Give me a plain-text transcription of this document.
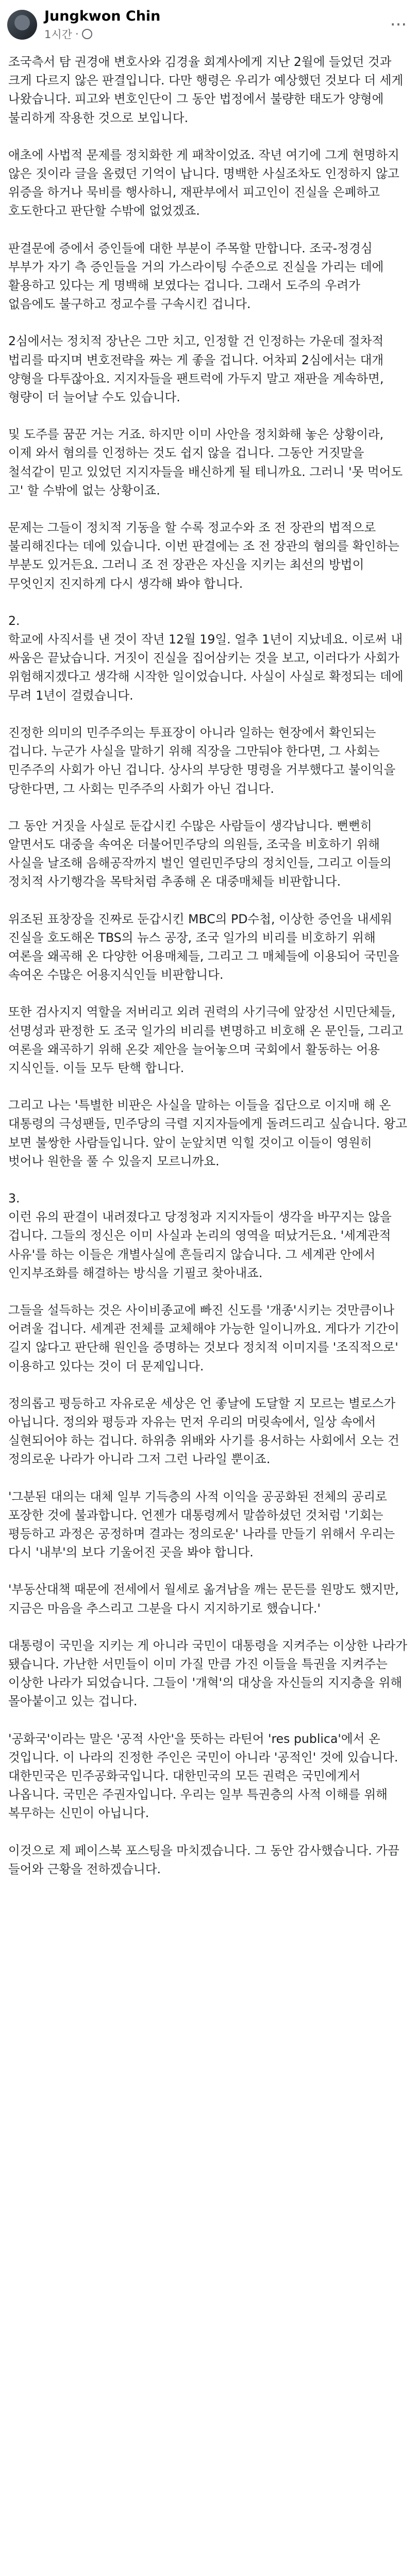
Jungkwon Chin
1시간 ·	···

조국측서 탐 권경애 변호사와 김경율 회계사에게 지난 2월에 들었던 것과 크게 다르지 않은 판결입니다. 다만 행령은 우리가 예상했던 것보다 더 세게 나왔습니다. 피고와 변호인단이 그 동안 법정에서 불량한 태도가 양형에 불리하게 작용한 것으로 보입니다.

애초에 사법적 문제를 정치화한 게 패착이었죠. 작년 여기에 그게 현명하지 않은 짓이라 글을 올렸던 기억이 납니다. 명백한 사실조차도 인정하지 않고 위증을 하거나 묵비를 행사하니, 재판부에서 피고인이 진실을 은폐하고 호도한다고 판단할 수밖에 없었겠죠.

판결문에 증에서 증인들에 대한 부분이 주목할 만합니다. 조국-정경심 부부가 자기 측 증인들을 거의 가스라이팅 수준으로 진실을 가리는 데에 활용하고 있다는 게 명백해 보였다는 겁니다. 그래서 도주의 우려가 없음에도 불구하고 정교수를 구속시킨 겁니다.

2심에서는 정치적 장난은 그만 치고, 인정할 건 인정하는 가운데 절차적 법리를 따지며 변호전략을 짜는 게 좋을 겁니다. 어차피 2심에서는 대개 양형을 다투잖아요. 지지자들을 팬트럭에 가두지 말고 재판을 계속하면, 형량이 더 늘어날 수도 있습니다.

및 도주를 꿈꾼 거는 거죠. 하지만 이미 사안을 정치화해 놓은 상황이라, 이제 와서 혐의를 인정하는 것도 쉽지 않을 겁니다. 그동안 거짓말을 철석같이 믿고 있었던 지지자들을 배신하게 될 테니까요. 그러니 '못 먹어도 고' 할 수밖에 없는 상황이죠.

문제는 그들이 정치적 기동을 할 수록 정교수와 조 전 장관의 법적으로 불리해진다는 데에 있습니다. 이번 판결에는 조 전 장관의 혐의를 확인하는 부분도 있거든요. 그러니 조 전 장관은 자신을 지키는 최선의 방법이 무엇인지 진지하게 다시 생각해 봐야 합니다.

2.
학교에 사직서를 낸 것이 작년 12월 19일. 얼추 1년이 지났네요. 이로써 내 싸움은 끝났습니다. 거짓이 진실을 집어삼키는 것을 보고, 이러다가 사회가 위험해지겠다고 생각해 시작한 일이었습니다. 사실이 사실로 확정되는 데에 무려 1년이 걸렸습니다.

진정한 의미의 민주주의는 투표장이 아니라 일하는 현장에서 확인되는 겁니다. 누군가 사실을 말하기 위해 직장을 그만둬야 한다면, 그 사회는 민주주의 사회가 아닌 겁니다. 상사의 부당한 명령을 거부했다고 불이익을 당한다면, 그 사회는 민주주의 사회가 아닌 겁니다.

그 동안 거짓을 사실로 둔갑시킨 수많은 사람들이 생각납니다. 뻔뻔히 알면서도 대중을 속여온 더불어민주당의 의원들, 조국을 비호하기 위해 사실을 날조해 음해공작까지 벌인 열린민주당의 정치인들, 그리고 이들의 정치적 사기행각을 목탁처럼 추종해 온 대중매체들 비판합니다.

위조된 표창장을 진짜로 둔갑시킨 MBC의 PD수첩, 이상한 증언을 내세워 진실을 호도해온 TBS의 뉴스 공장, 조국 일가의 비리를 비호하기 위해 여론을 왜곡해 온 다양한 어용매체들, 그리고 그 매체들에 이용되어 국민을 속여온 수많은 어용지식인들 비판합니다.

또한 검사지지 역할을 저버리고 외려 권력의 사기극에 앞장선 시민단체들, 선명성과 판정한 도 조국 일가의 비리를 변명하고 비호해 온 문인들, 그리고 여론을 왜곡하기 위해 온갖 제안을 늘어놓으며 국회에서 활동하는 어용 지식인들. 이들 모두 탄핵 합니다.

그리고 나는 '특별한 비판은 사실을 말하는 이들을 집단으로 이지매 해 온 대통령의 극성팬들, 민주당의 극렬 지지자들에게 돌려드리고 싶습니다. 왕고 보면 불쌍한 사람들입니다. 앞이 눈앞치면 익힐 것이고 이들이 영원히 벗어나 원한을 풀 수 있을지 모르니까요.

3.
이런 유의 판결이 내려졌다고 당정청과 지지자들이 생각을 바꾸지는 않을 겁니다. 그들의 정신은 이미 사실과 논리의 영역을 떠났거든요. '세계관적 사유'를 하는 이들은 개별사실에 흔들리지 않습니다. 그 세계관 안에서 인지부조화를 해결하는 방식을 기필코 찾아내죠.

그들을 설득하는 것은 사이비종교에 빠진 신도를 '개종'시키는 것만큼이나 어려울 겁니다. 세계관 전체를 교체해야 가능한 일이니까요. 게다가 기간이 길지 않다고 판단해 원인을 증명하는 것보다 정치적 이미지를 '조직적으로' 이용하고 있다는 것이 더 문제입니다.

정의롭고 평등하고 자유로운 세상은 언 좋날에 도달할 지 모르는 별로스가 아닙니다. 정의와 평등과 자유는 먼저 우리의 머릿속에서, 일상 속에서 실현되어야 하는 겁니다. 하위층 위배와 사기를 용서하는 사회에서 오는 건 정의로운 나라가 아니라 그저 그런 나라일 뿐이죠.

'그분된 대의는 대체 일부 기득층의 사적 이익을 공공화된 전체의 공리로 포장한 것에 불과합니다. 언젠가 대통령께서 말씀하셨던 것처럼 '기회는 평등하고 과정은 공정하며 결과는 정의로운' 나라를 만들기 위해서 우리는 다시 '내부'의 보다 기울어진 곳을 봐야 합니다.

'부동산대책 때문에 전세에서 월세로 옮겨남을 깨는 문든를 원망도 했지만, 지금은 마음을 추스리고 그분을 다시 지지하기로 했습니다.'

대통령이 국민을 지키는 게 아니라 국민이 대통령을 지켜주는 이상한 나라가 됐습니다. 가난한 서민들이 이미 가질 만큼 가진 이들을 특권을 지켜주는 이상한 나라가 되었습니다. 그들이 '개혁'의 대상을 자신들의 지지층을 위해 몰아붙이고 있는 겁니다.

'공화국'이라는 말은 '공적 사안'을 뜻하는 라틴어 'res publica'에서 온 것입니다. 이 나라의 진정한 주인은 국민이 아니라 '공적인' 것에 있습니다. 대한민국은 민주공화국입니다. 대한민국의 모든 권력은 국민에게서 나옵니다. 국민은 주권자입니다. 우리는 일부 특권층의 사적 이해를 위해 복무하는 신민이 아닙니다.

이것으로 제 페이스북 포스팅을 마치겠습니다. 그 동안 감사했습니다. 가끔 들어와 근황을 전하겠습니다.
